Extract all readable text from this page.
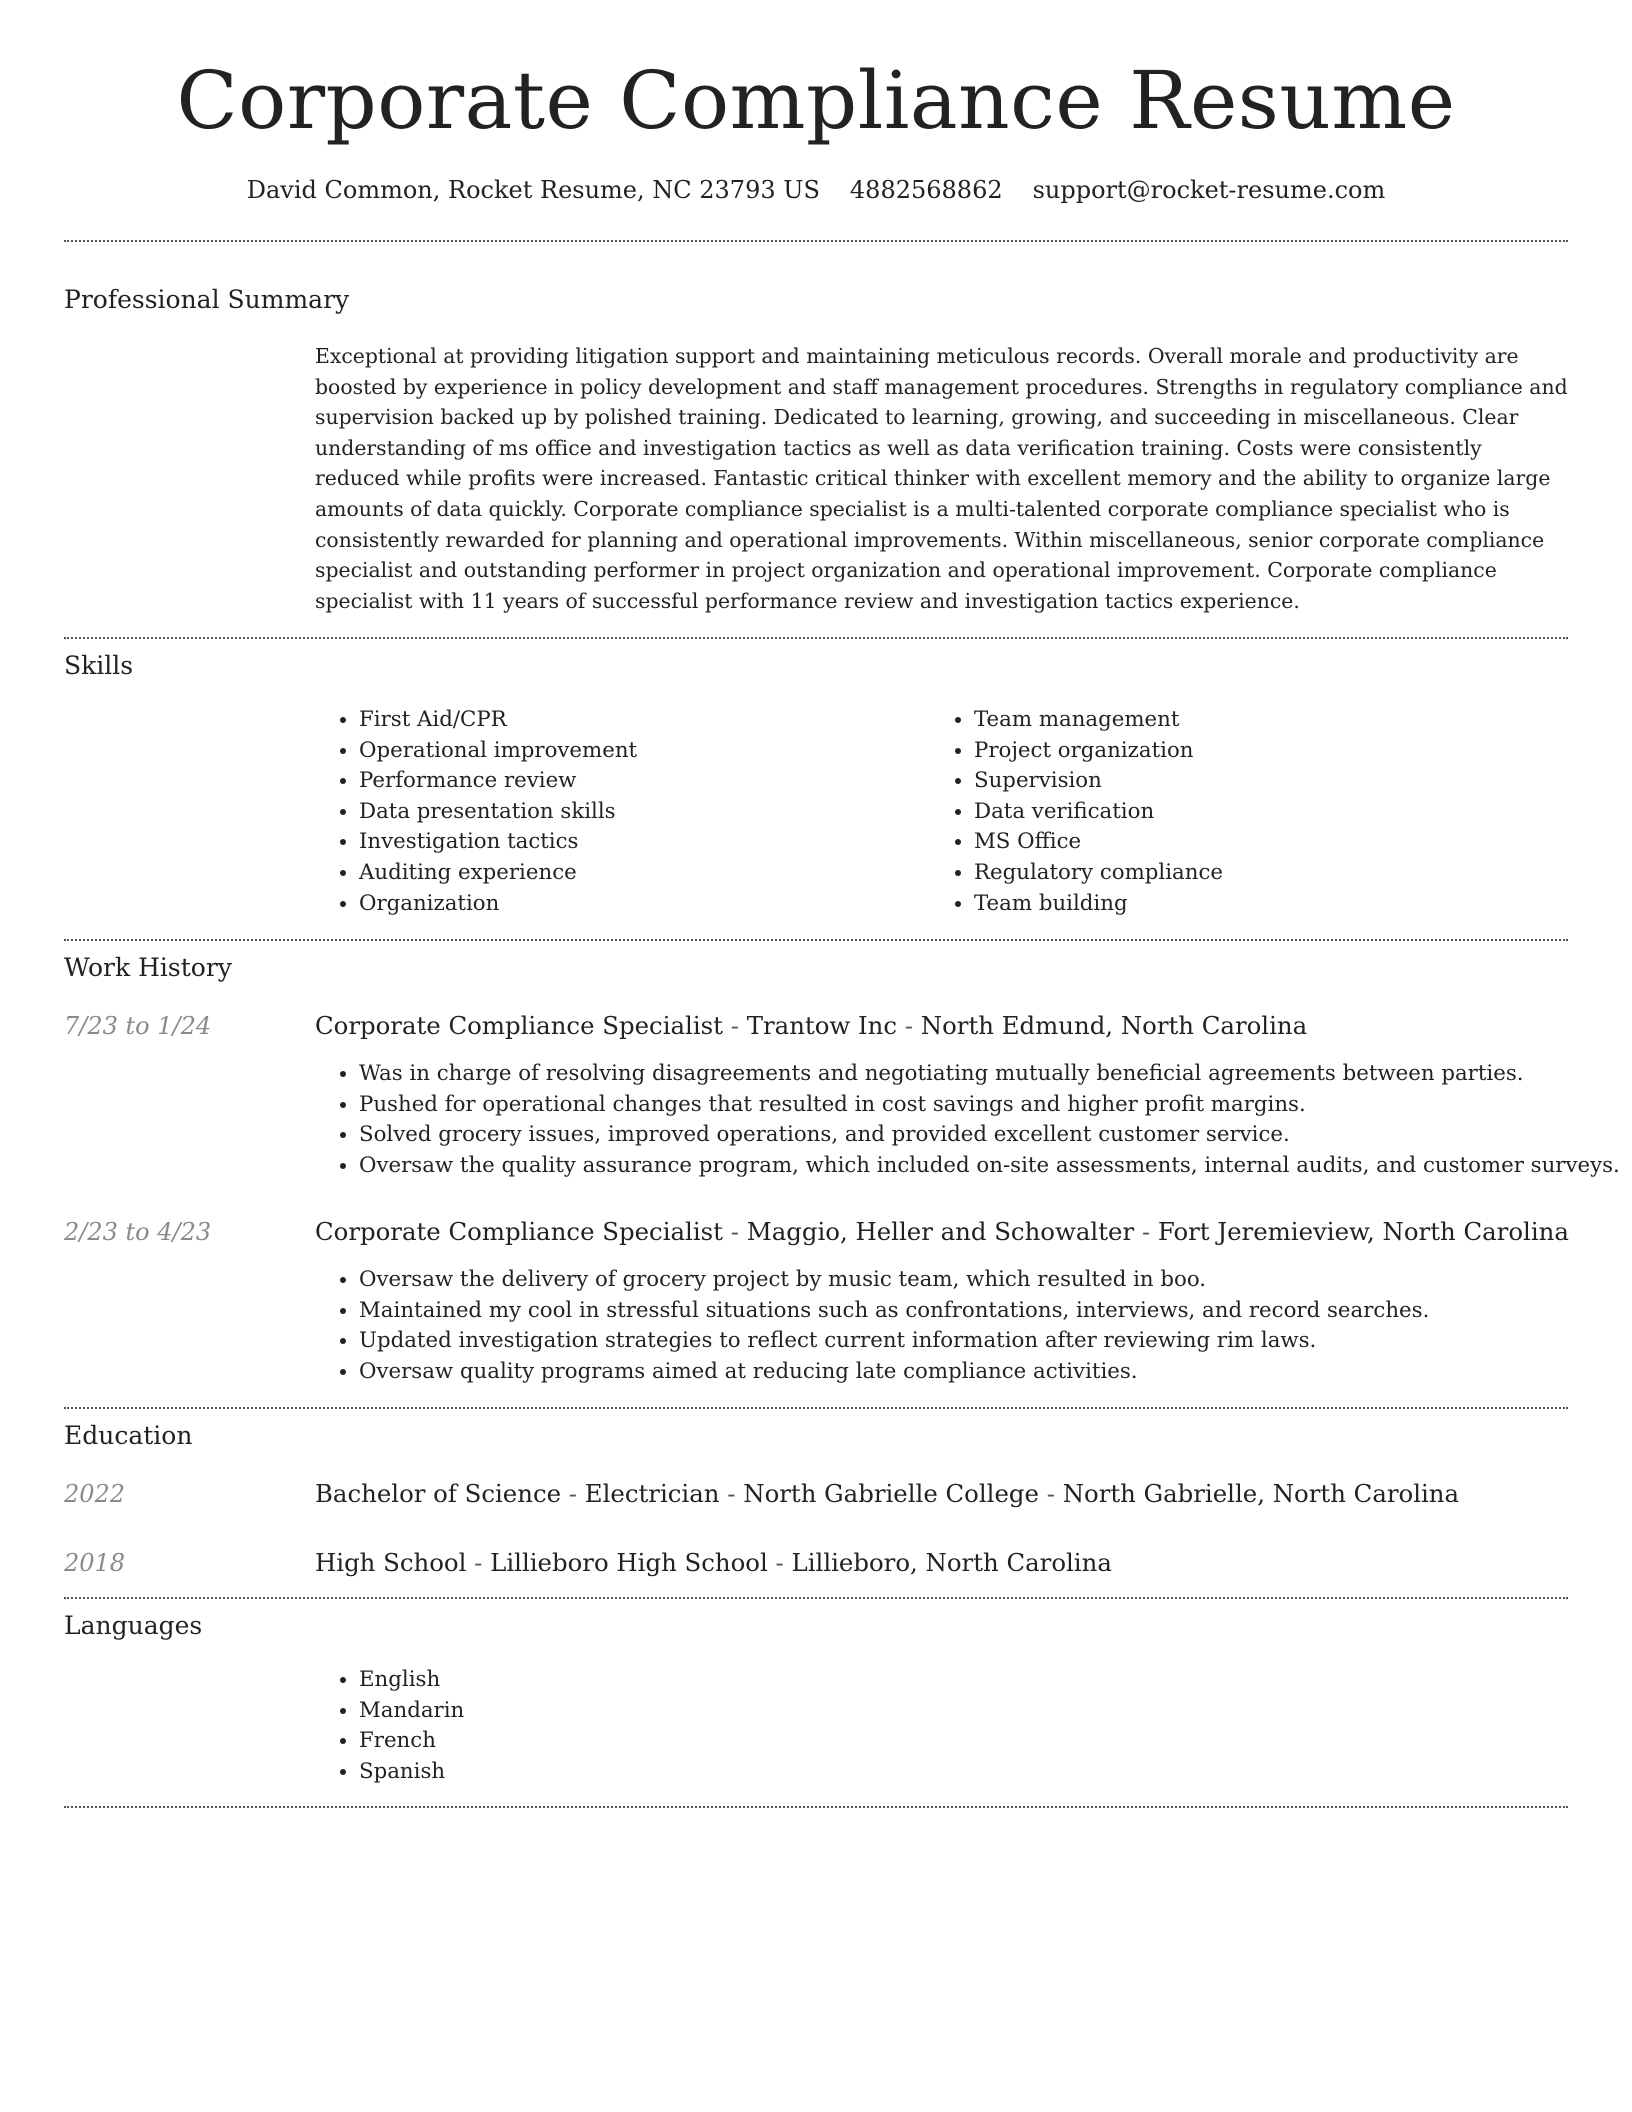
Corporate Compliance Resume
David Common, Rocket Resume, NC 23793 US 4882568862 support@rocket-resume.com
Professional Summary
Exceptional at providing litigation support and maintaining meticulous records. Overall morale and productivity are boosted by experience in policy development and staff management procedures. Strengths in regulatory compliance and supervision backed up by polished training. Dedicated to learning, growing, and succeeding in miscellaneous. Clear understanding of ms office and investigation tactics as well as data verification training. Costs were consistently reduced while profits were increased. Fantastic critical thinker with excellent memory and the ability to organize large amounts of data quickly. Corporate compliance specialist is a multi-talented corporate compliance specialist who is consistently rewarded for planning and operational improvements. Within miscellaneous, senior corporate compliance specialist and outstanding performer in project organization and operational improvement. Corporate compliance specialist with 11 years of successful performance review and investigation tactics experience.
Skills
• First Aid/CPR
• Operational improvement
• Performance review
• Data presentation skills
• Investigation tactics
• Auditing experience
• Organization
• Team management
• Project organization
• Supervision
• Data verification
• MS Office
• Regulatory compliance
• Team building
Work History
7/23 to 1/24	Corporate Compliance Specialist - Trantow Inc - North Edmund, North Carolina
• Was in charge of resolving disagreements and negotiating mutually beneficial agreements between parties.
• Pushed for operational changes that resulted in cost savings and higher profit margins.
• Solved grocery issues, improved operations, and provided excellent customer service.
• Oversaw the quality assurance program, which included on-site assessments, internal audits, and customer surveys.
2/23 to 4/23	Corporate Compliance Specialist - Maggio, Heller and Schowalter - Fort Jeremieview, North Carolina
• Oversaw the delivery of grocery project by music team, which resulted in boo.
• Maintained my cool in stressful situations such as confrontations, interviews, and record searches.
• Updated investigation strategies to reflect current information after reviewing rim laws.
• Oversaw quality programs aimed at reducing late compliance activities.
Education
2022	Bachelor of Science - Electrician - North Gabrielle College - North Gabrielle, North Carolina
2018	High School - Lillieboro High School - Lillieboro, North Carolina
Languages
• English
• Mandarin
• French
• Spanish
